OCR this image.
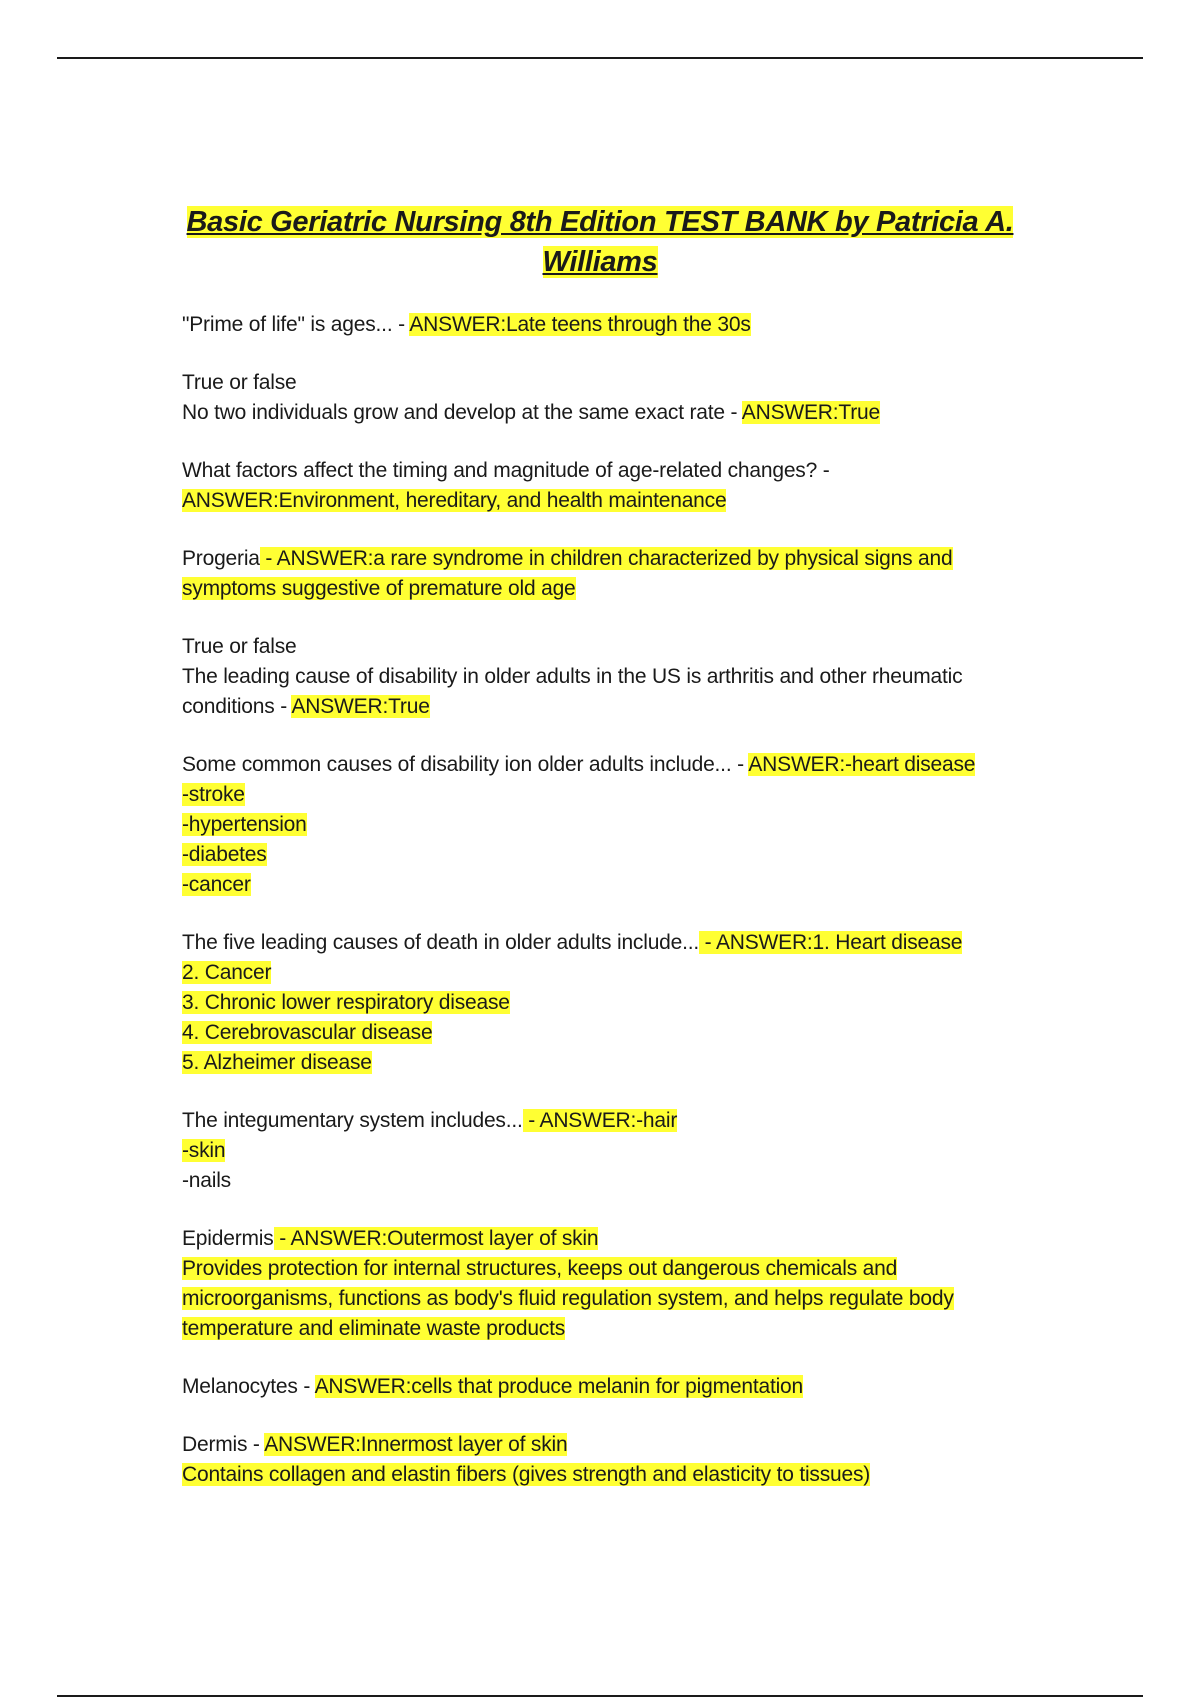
Basic Geriatric Nursing 8th Edition TEST BANK by Patricia A. Williams
"Prime of life" is ages... - ANSWER:Late teens through the 30s
True or false
No two individuals grow and develop at the same exact rate - ANSWER:True
What factors affect the timing and magnitude of age-related changes? -
ANSWER:Environment, hereditary, and health maintenance
Progeria - ANSWER:a rare syndrome in children characterized by physical signs and symptoms suggestive of premature old age
True or false
The leading cause of disability in older adults in the US is arthritis and other rheumatic conditions - ANSWER:True
Some common causes of disability ion older adults include... - ANSWER:-heart disease
-stroke
-hypertension
-diabetes
-cancer
The five leading causes of death in older adults include... - ANSWER:1. Heart disease
2. Cancer
3. Chronic lower respiratory disease
4. Cerebrovascular disease
5. Alzheimer disease
The integumentary system includes... - ANSWER:-hair
-skin
-nails
Epidermis - ANSWER:Outermost layer of skin
Provides protection for internal structures, keeps out dangerous chemicals and microorganisms, functions as body's fluid regulation system, and helps regulate body temperature and eliminate waste products
Melanocytes - ANSWER:cells that produce melanin for pigmentation
Dermis - ANSWER:Innermost layer of skin
Contains collagen and elastin fibers (gives strength and elasticity to tissues)
